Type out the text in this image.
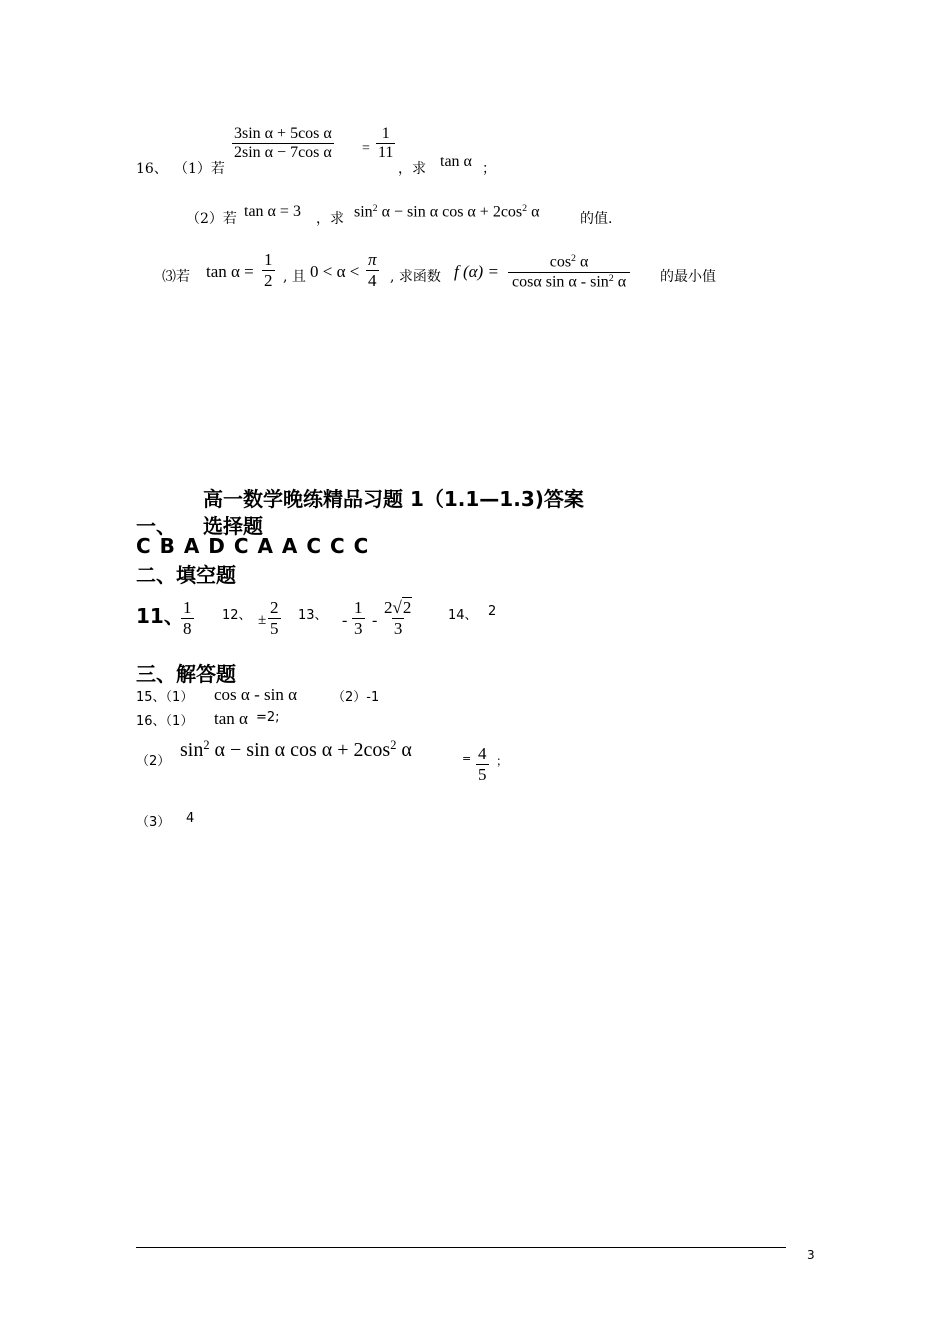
16、 （1）若
$\frac{\text{3sin α + 5cos α}}{\text{2sin α − 7cos α}} = \frac{1}{11}$
，求 tan α ；
（2）若 tan α = 3 ，求 $\sin^2 \alpha - \sin \alpha$ $\cos \alpha + 2\cos^2$ α	的值.
⑶若 $\tan \alpha = \frac{1}{2}$ , 且 $0 < \alpha < \frac{\pi}{4}$ , 求函数 f $(\alpha) = \frac{\cos^2 \alpha}{\cos\alpha \sin \alpha - \sin^2 \alpha}$ 的最小值
高一数学晚练精品习题 1（1.1—1.3)答案
一、 选择题
C B A D C A A C C C
二、填空题
11、
$\frac{1}{8} 12$、 ± $\frac{2}{5} 13$、 - $\frac{1}{3} - \frac{2√2}{3}$	14、 2
三、解答题
15、（1） cos α - sin α	（2）-1
16、（1） tan α =2;
（2）
$\sin^2 \alpha - \sin \alpha$ $\cos \alpha + 2\cos^2$ α	= $\frac{4}{5}$ ；
（3） 4
3
